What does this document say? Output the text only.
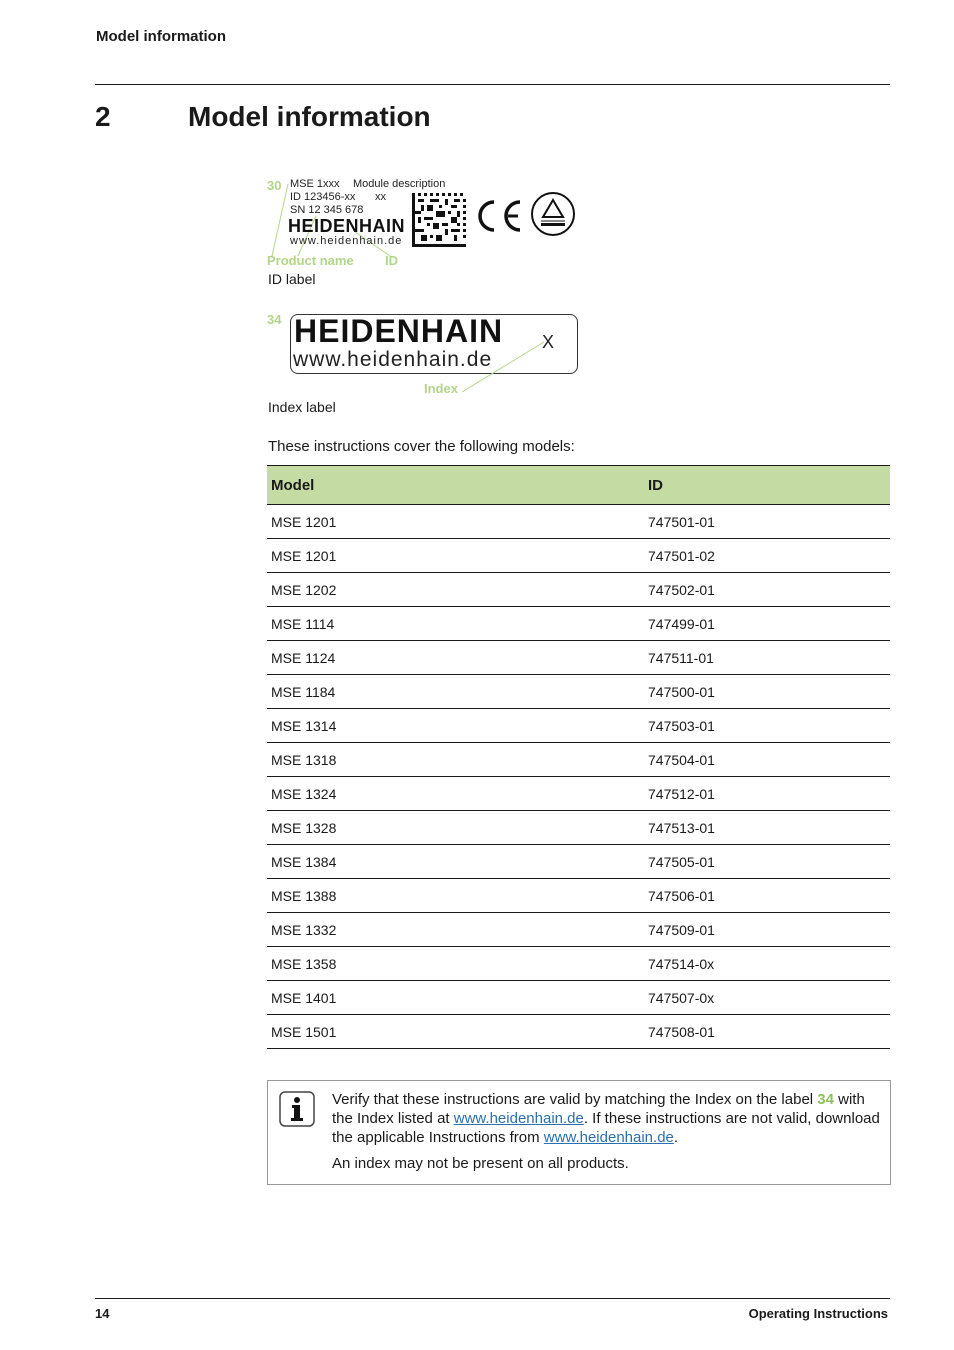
Model information
2	Model information
30 MSE 1xxx Module description
ID 123456-xx xx
SN 12 345 678
HEIDENHAIN
www.heidenhain.de
Product name ID
ID label
34 HEIDENHAIN
www.heidenhain.de
X
Index
Index label
These instructions cover the following models:
Model	ID
MSE 1201	747501-01
MSE 1201	747501-02
MSE 1202	747502-01
MSE 1114	747499-01
MSE 1124	747511-01
MSE 1184	747500-01
MSE 1314	747503-01
MSE 1318	747504-01
MSE 1324	747512-01
MSE 1328	747513-01
MSE 1384	747505-01
MSE 1388	747506-01
MSE 1332	747509-01
MSE 1358	747514-0x
MSE 1401	747507-0x
MSE 1501	747508-01

Verify that these instructions are valid by matching the Index on the label 34 with the Index listed at www.heidenhain.de. If these instructions are not valid, download the applicable Instructions from www.heidenhain.de.

An index may not be present on all products.

14	Operating Instructions
